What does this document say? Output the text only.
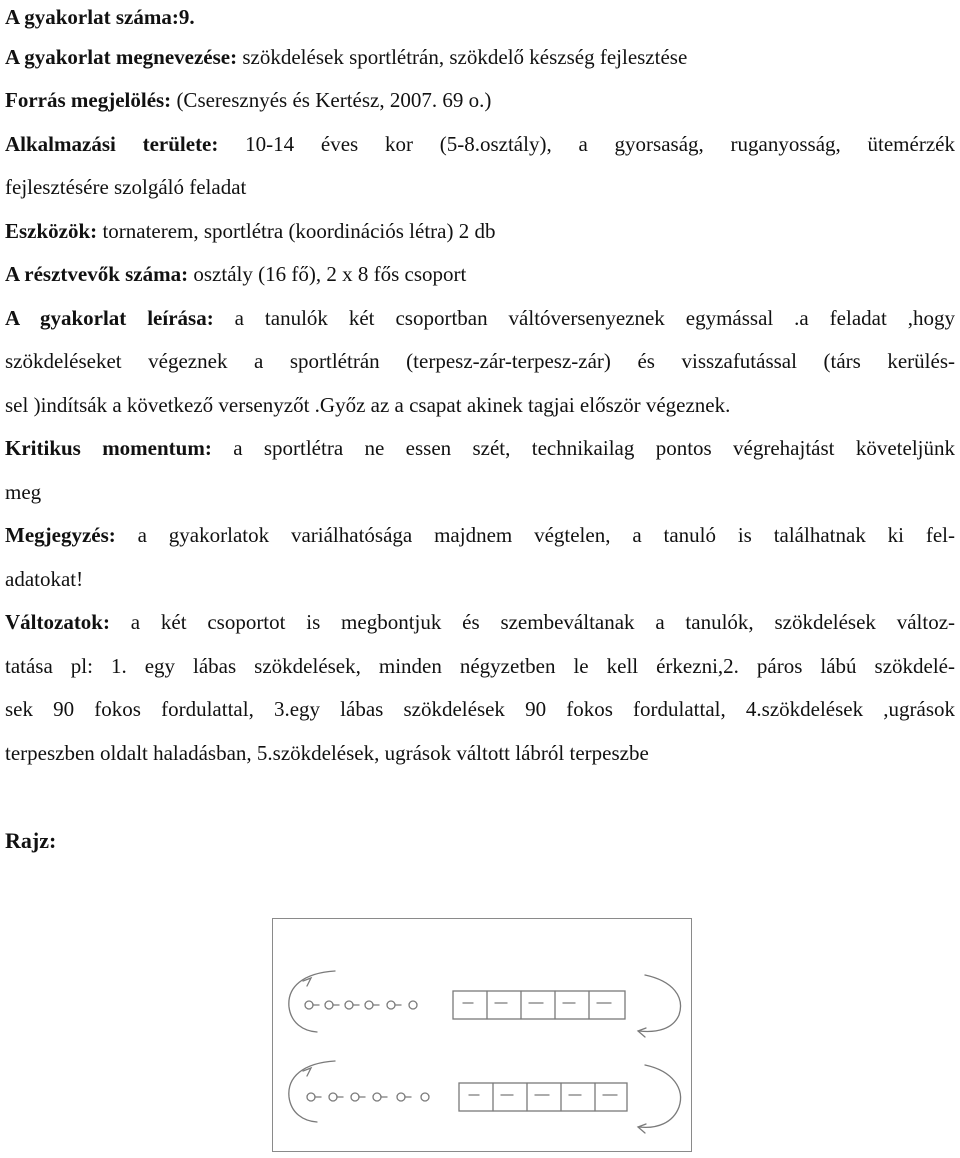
A gyakorlat száma:9.
A gyakorlat megnevezése: szökdelések sportlétrán, szökdelő készség fejlesztése
Forrás megjelölés: (Cseresznyés és Kertész, 2007. 69 o.)
Alkalmazási területe: 10-14 éves kor (5-8.osztály), a gyorsaság, ruganyosság, ütemérzék
fejlesztésére szolgáló feladat
Eszközök: tornaterem, sportlétra (koordinációs létra) 2 db
A résztvevők száma: osztály (16 fő), 2 x 8 fős csoport
A gyakorlat leírása: a tanulók két csoportban váltóversenyeznek egymással .a feladat ,hogy
szökdeléseket végeznek a sportlétrán (terpesz-zár-terpesz-zár) és visszafutással (társ kerülés-
sel )indítsák a következő versenyzőt .Győz az a csapat akinek tagjai először végeznek.
Kritikus momentum: a sportlétra ne essen szét, technikailag pontos végrehajtást követeljünk
meg
Megjegyzés: a gyakorlatok variálhatósága majdnem végtelen, a tanuló is találhatnak ki fel-
adatokat!
Változatok: a két csoportot is megbontjuk és szembeváltanak a tanulók, szökdelések változ-
tatása pl: 1. egy lábas szökdelések, minden négyzetben le kell érkezni,2. páros lábú szökdelé-
sek 90 fokos fordulattal, 3.egy lábas szökdelések 90 fokos fordulattal, 4.szökdelések ,ugrások
terpeszben oldalt haladásban, 5.szökdelések, ugrások váltott lábról terpeszbe
Rajz:
